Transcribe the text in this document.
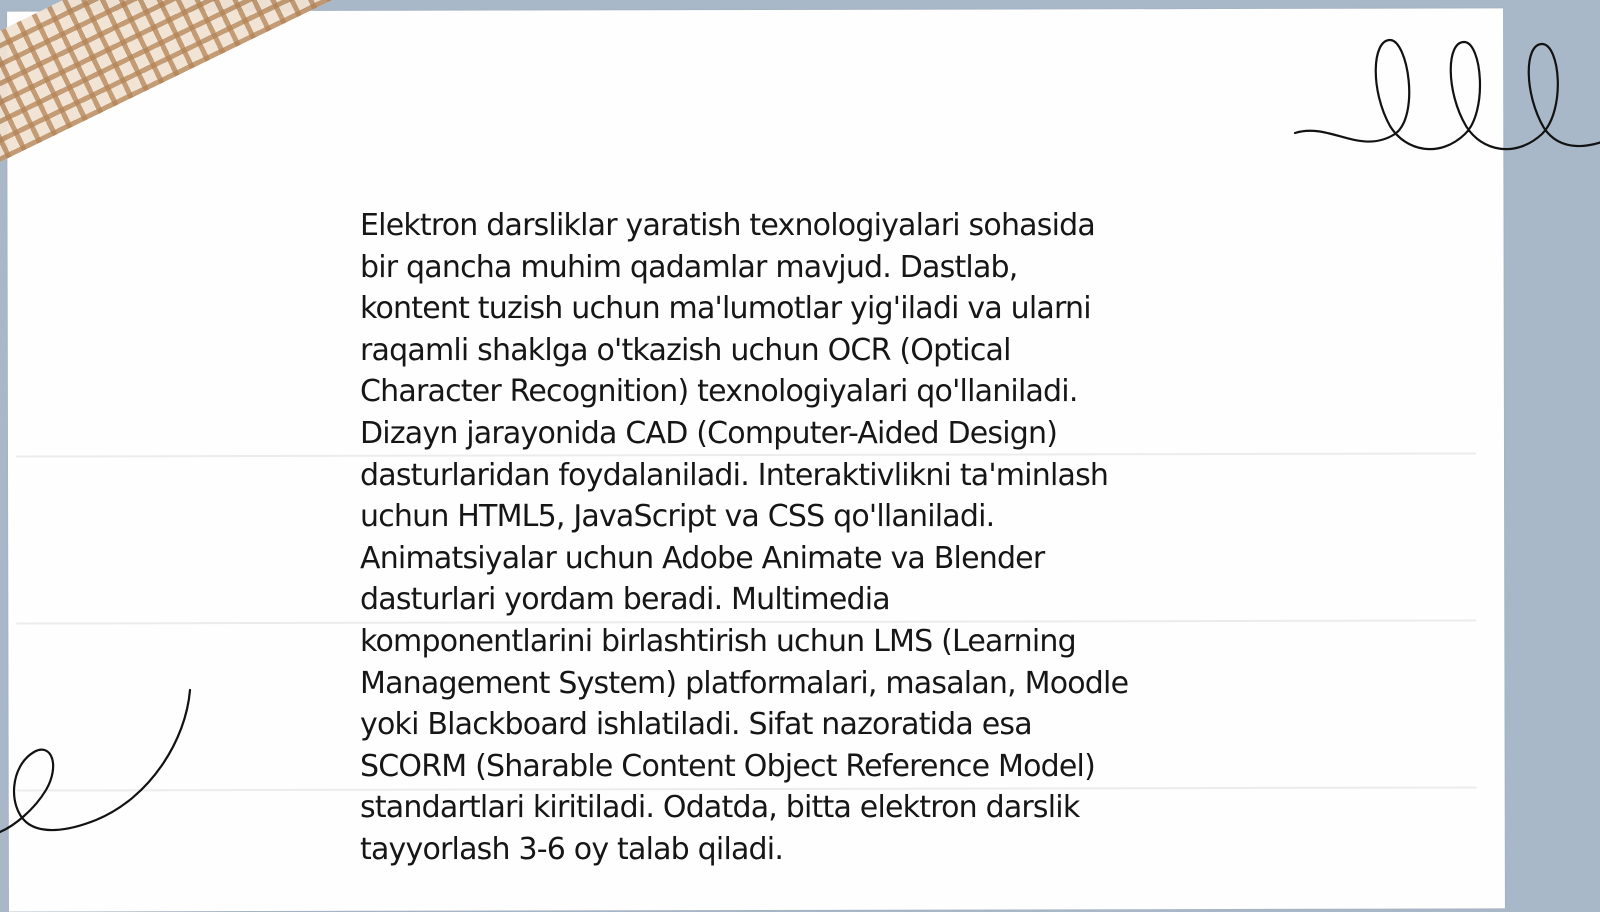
Elektron darsliklar yaratish texnologiyalari sohasida
bir qancha muhim qadamlar mavjud. Dastlab,
kontent tuzish uchun ma'lumotlar yig'iladi va ularni
raqamli shaklga o'tkazish uchun OCR (Optical
Character Recognition) texnologiyalari qo'llaniladi.
Dizayn jarayonida CAD (Computer-Aided Design)
dasturlaridan foydalaniladi. Interaktivlikni ta'minlash
uchun HTML5, JavaScript va CSS qo'llaniladi.
Animatsiyalar uchun Adobe Animate va Blender
dasturlari yordam beradi. Multimedia
komponentlarini birlashtirish uchun LMS (Learning
Management System) platformalari, masalan, Moodle
yoki Blackboard ishlatiladi. Sifat nazoratida esa
SCORM (Sharable Content Object Reference Model)
standartlari kiritiladi. Odatda, bitta elektron darslik
tayyorlash 3-6 oy talab qiladi.
